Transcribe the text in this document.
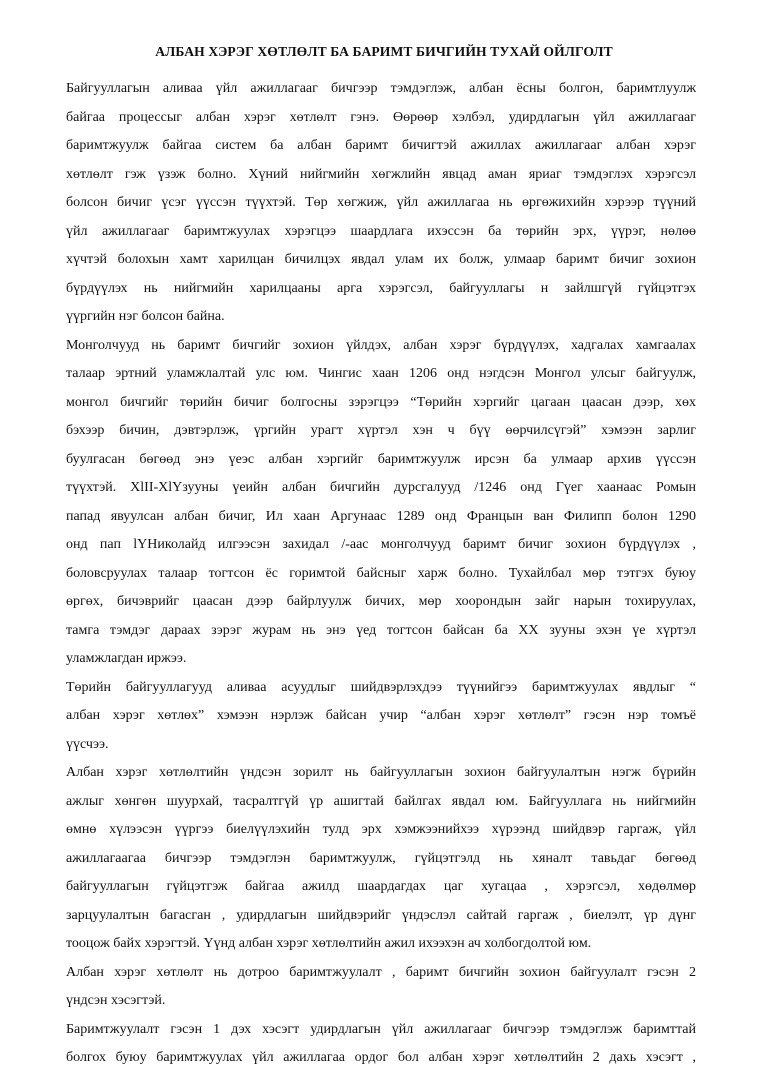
АЛБАН ХЭРЭГ ХӨТЛӨЛТ БА БАРИМТ БИЧГИЙН ТУХАЙ ОЙЛГОЛТ
Байгууллагын аливаа үйл ажиллагааг бичгээр тэмдэглэж, албан ёсны болгон, баримтлуулж
байгаа процессыг албан хэрэг хөтлөлт гэнэ. Өөрөөр хэлбэл, удирдлагын үйл ажиллагааг
баримтжуулж байгаа систем ба албан баримт бичигтэй ажиллах ажиллагааг албан хэрэг
хөтлөлт гэж үзэж болно. Хүний нийгмийн хөгжлийн явцад аман яриаг тэмдэглэх хэрэгсэл
болсон бичиг үсэг үүссэн түүхтэй. Төр хөгжиж, үйл ажиллагаа нь өргөжихийн хэрээр түүний
үйл ажиллагааг баримтжуулах хэрэгцээ шаардлага ихэссэн ба төрийн эрх, үүрэг, нөлөө
хүчтэй болохын хамт харилцан бичилцэх явдал улам их болж, улмаар баримт бичиг зохион
бүрдүүлэх нь нийгмийн харилцааны арга хэрэгсэл, байгууллагы н зайлшгүй гүйцэтгэх
үүргийн нэг болсон байна.
Монголчууд нь баримт бичгийг зохион үйлдэх, албан хэрэг бүрдүүлэх, хадгалах хамгаалах
талаар эртний уламжлалтай улс юм. Чингис хаан 1206 онд нэгдсэн Монгол улсыг байгуулж,
монгол бичгийг төрийн бичиг болгосны зэрэгцээ “Төрийн хэргийг цагаан цаасан дээр, хөх
бэхээр бичин, дэвтэрлэж, үргийн урагт хүртэл хэн ч бүү өөрчилсүгэй” хэмээн зарлиг
буулгасан бөгөөд энэ үеэс албан хэргийг баримтжуулж ирсэн ба улмаар архив үүссэн
түүхтэй. XlII-XlYзууны үеийн албан бичгийн дурсгалууд /1246 онд Гүег хаанаас Ромын
папад явуулсан албан бичиг, Ил хаан Аргунаас 1289 онд Францын ван Филипп болон 1290
онд пап lYНиколайд илгээсэн захидал /-аас монголчууд баримт бичиг зохион бүрдүүлэх ,
боловсруулах талаар тогтсон ёс горимтой байсныг харж болно. Тухайлбал мөр тэтгэх буюу
өргөх, бичэврийг цаасан дээр байрлуулж бичих, мөр хоорондын зайг нарын тохируулах,
тамга тэмдэг дараах зэрэг журам нь энэ үед тогтсон байсан ба XX зууны эхэн үе хүртэл
уламжлагдан иржээ.
Төрийн байгууллагууд аливаа асуудлыг шийдвэрлэхдээ түүнийгээ баримтжуулах явдлыг “
албан хэрэг хөтлөх” хэмээн нэрлэж байсан учир “албан хэрэг хөтлөлт” гэсэн нэр томъё
үүсчээ.
Албан хэрэг хөтлөлтийн үндсэн зорилт нь байгууллагын зохион байгуулалтын нэгж бүрийн
ажлыг хөнгөн шуурхай, тасралтгүй үр ашигтай байлгах явдал юм. Байгууллага нь нийгмийн
өмнө хүлээсэн үүргээ биелүүлэхийн тулд эрх хэмжээнийхээ хүрээнд шийдвэр гаргаж, үйл
ажиллагаагаа бичгээр тэмдэглэн баримтжуулж, гүйцэтгэлд нь хяналт тавьдаг бөгөөд
байгууллагын гүйцэтгэж байгаа ажилд шаардагдах цаг хугацаа , хэрэгсэл, хөдөлмөр
зарцуулалтын багасган , удирдлагын шийдвэрийг үндэслэл сайтай гаргаж , биелэлт, үр дүнг
тооцож байх хэрэгтэй. Үүнд албан хэрэг хөтлөлтийн ажил ихээхэн ач холбогдолтой юм.
Албан хэрэг хөтлөлт нь дотроо баримтжуулалт , баримт бичгийн зохион байгуулалт гэсэн 2
үндсэн хэсэгтэй.
Баримтжуулалт гэсэн 1 дэх хэсэгт удирдлагын үйл ажиллагааг бичгээр тэмдэглэж баримттай
болгох буюу баримтжуулах үйл ажиллагаа ордог бол албан хэрэг хөтлөлтийн 2 дахь хэсэгт ,
